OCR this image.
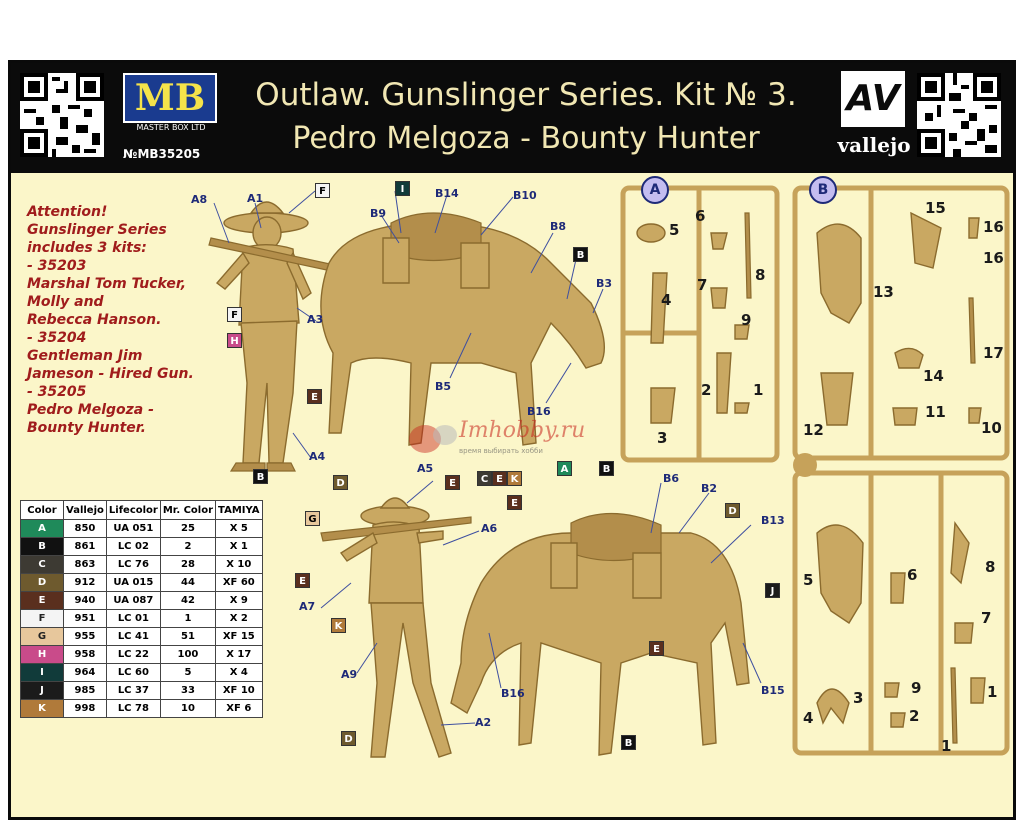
MB
MASTER BOX LTD
№MB35205
Outlaw. Gunslinger Series. Kit № 3.
Pedro Melgoza - Bounty Hunter
AV
vallejo
Attention!
Gunslinger Series
includes 3 kits:
- 35203
Marshal Tom Tucker,
Molly and
Rebecca Hanson.
- 35204
Gentleman Jim
Jameson - Hired Gun.
- 35205
Pedro Melgoza -
Bounty Hunter.
Color	Vallejo	Lifecolor	Mr. Color	TAMIYA
A	850	UA 051	25	X 5
B	861	LC 02	2	X 1
C	863	LC 76	28	X 10
D	912	UA 015	44	XF 60
E	940	UA 087	42	X 9
F	951	LC 01	1	X 2
G	955	LC 41	51	XF 15
H	958	LC 22	100	X 17
I	964	LC 60	5	X 4
J	985	LC 37	33	XF 10
K	998	LC 78	10	XF 6
A8	A1
A3
A4
B14	B10
B9
B8
B3
B5
B16
A5
A6
A7
A9
A2
B6
B2
B13
B16	B15
F	I
F
H
E
B
B
D	E
G
E
K
D
C E K
E
A	B
D
J
E
B
A
5
6
8
4
7
9
2	1
3
B
15
16
16
13
17
14
11
12	10
8
5	6
7
9
3
2
4
1
1
Imhobby.ru
время выбирать хобби
